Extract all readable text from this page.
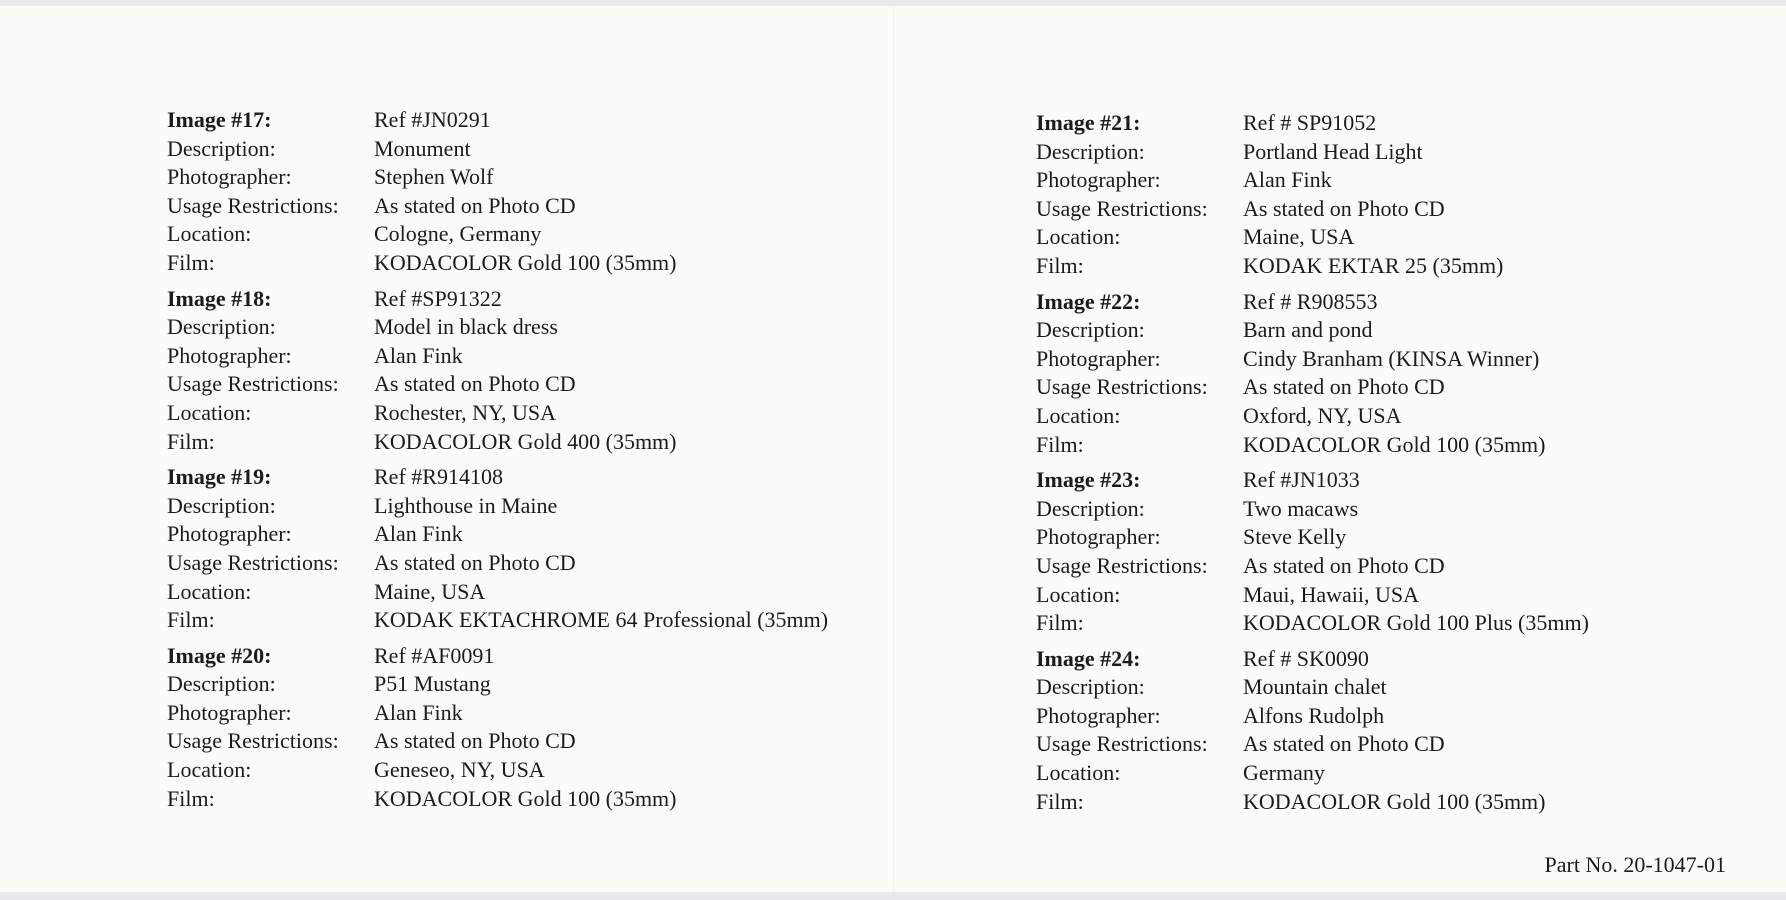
Image #17:	Ref #JN0291
Description:	Monument
Photographer:	Stephen Wolf
Usage Restrictions: As stated on Photo CD
Location:	Cologne, Germany
Film:	KODACOLOR Gold 100 (35mm)
Image #18:	Ref #SP91322
Description:	Model in black dress
Photographer:	Alan Fink
Usage Restrictions: As stated on Photo CD
Location:	Rochester, NY, USA
Film:	KODACOLOR Gold 400 (35mm)
Image #19:	Ref #R914108
Description:	Lighthouse in Maine
Photographer:	Alan Fink
Usage Restrictions: As stated on Photo CD
Location:	Maine, USA
Film:	KODAK EKTACHROME 64 Professional (35mm)
Image #20:	Ref #AF0091
Description:	P51 Mustang
Photographer:	Alan Fink
Usage Restrictions: As stated on Photo CD
Location:	Geneseo, NY, USA
Film:	KODACOLOR Gold 100 (35mm)
Image #21:	Ref # SP91052
Description:	Portland Head Light
Photographer:	Alan Fink
Usage Restrictions: As stated on Photo CD
Location:	Maine, USA
Film:	KODAK EKTAR 25 (35mm)
Image #22:	Ref # R908553
Description:	Barn and pond
Photographer:	Cindy Branham (KINSA Winner)
Usage Restrictions: As stated on Photo CD
Location:	Oxford, NY, USA
Film:	KODACOLOR Gold 100 (35mm)
Image #23:	Ref #JN1033
Description:	Two macaws
Photographer:	Steve Kelly
Usage Restrictions: As stated on Photo CD
Location:	Maui, Hawaii, USA
Film:	KODACOLOR Gold 100 Plus (35mm)
Image #24:	Ref # SK0090
Description:	Mountain chalet
Photographer:	Alfons Rudolph
Usage Restrictions: As stated on Photo CD
Location:	Germany
Film:	KODACOLOR Gold 100 (35mm)
Part No. 20-1047-01
